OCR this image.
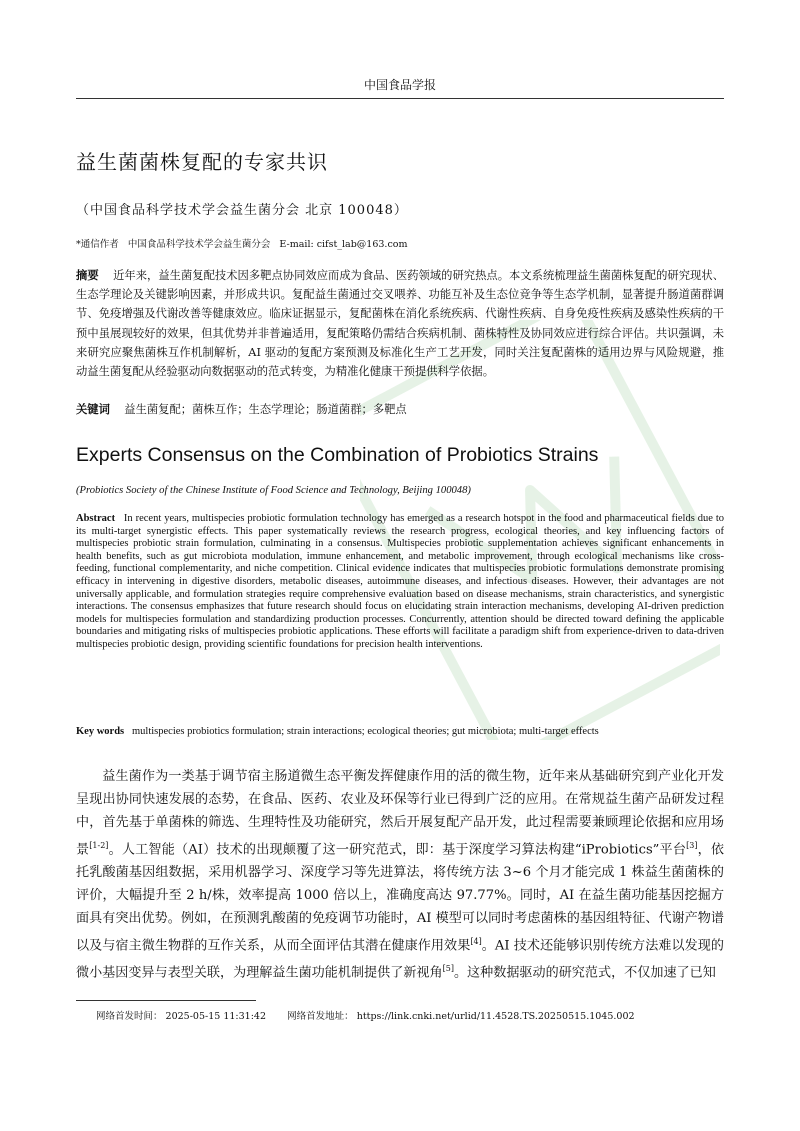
中国食品学报
益生菌菌株复配的专家共识
（中国食品科学技术学会益生菌分会 北京 100048）
*通信作者 中国食品科学技术学会益生菌分会 E-mail: cifst_lab@163.com
摘要 近年来，益生菌复配技术因多靶点协同效应而成为食品、医药领域的研究热点。本文系统梳理益生菌菌株复配的研究现状、生态学理论及关键影响因素，并形成共识。复配益生菌通过交叉喂养、功能互补及生态位竞争等生态学机制，显著提升肠道菌群调节、免疫增强及代谢改善等健康效应。临床证据显示，复配菌株在消化系统疾病、代谢性疾病、自身免疫性疾病及感染性疾病的干预中虽展现较好的效果，但其优势并非普遍适用，复配策略仍需结合疾病机制、菌株特性及协同效应进行综合评估。共识强调，未来研究应聚焦菌株互作机制解析，AI 驱动的复配方案预测及标准化生产工艺开发，同时关注复配菌株的适用边界与风险规避，推动益生菌复配从经验驱动向数据驱动的范式转变，为精准化健康干预提供科学依据。
关键词 益生菌复配；菌株互作；生态学理论；肠道菌群；多靶点
Experts Consensus on the Combination of Probiotics Strains
(Probiotics Society of the Chinese Institute of Food Science and Technology, Beijing 100048)
Abstract In recent years, multispecies probiotic formulation technology has emerged as a research hotspot in the food and pharmaceutical fields due to its multi-target synergistic effects. This paper systematically reviews the research progress, ecological theories, and key influencing factors of multispecies probiotic strain formulation, culminating in a consensus. Multispecies probiotic supplementation achieves significant enhancements in health benefits, such as gut microbiota modulation, immune enhancement, and metabolic improvement, through ecological mechanisms like cross-feeding, functional complementarity, and niche competition. Clinical evidence indicates that multispecies probiotic formulations demonstrate promising efficacy in intervening in digestive disorders, metabolic diseases, autoimmune diseases, and infectious diseases. However, their advantages are not universally applicable, and formulation strategies require comprehensive evaluation based on disease mechanisms, strain characteristics, and synergistic interactions. The consensus emphasizes that future research should focus on elucidating strain interaction mechanisms, developing AI-driven prediction models for multispecies formulation and standardizing production processes. Concurrently, attention should be directed toward defining the applicable boundaries and mitigating risks of multispecies probiotic applications. These efforts will facilitate a paradigm shift from experience-driven to data-driven multispecies probiotic design, providing scientific foundations for precision health interventions.
Key words multispecies probiotics formulation; strain interactions; ecological theories; gut microbiota; multi-target effects
益生菌作为一类基于调节宿主肠道微生态平衡发挥健康作用的活的微生物，近年来从基础研究到产业化开发呈现出协同快速发展的态势，在食品、医药、农业及环保等行业已得到广泛的应用。在常规益生菌产品研发过程中，首先基于单菌株的筛选、生理特性及功能研究，然后开展复配产品开发，此过程需要兼顾理论依据和应用场景[1-2]。人工智能（AI）技术的出现颠覆了这一研究范式，即：基于深度学习算法构建“iProbiotics”平台[3]，依托乳酸菌基因组数据，采用机器学习、深度学习等先进算法，将传统方法 3~6 个月才能完成 1 株益生菌菌株的评价，大幅提升至 2 h/株，效率提高 1000 倍以上，准确度高达 97.77%。同时，AI 在益生菌功能基因挖掘方面具有突出优势。例如，在预测乳酸菌的免疫调节功能时，AI 模型可以同时考虑菌株的基因组特征、代谢产物谱以及与宿主微生物群的互作关系，从而全面评估其潜在健康作用效果[4]。AI 技术还能够识别传统方法难以发现的微小基因变异与表型关联，为理解益生菌功能机制提供了新视角[5]。这种数据驱动的研究范式，不仅加速了已知
网络首发时间： 2025-05-15 11:31:42 网络首发地址： https://link.cnki.net/urlid/11.4528.TS.20250515.1045.002
